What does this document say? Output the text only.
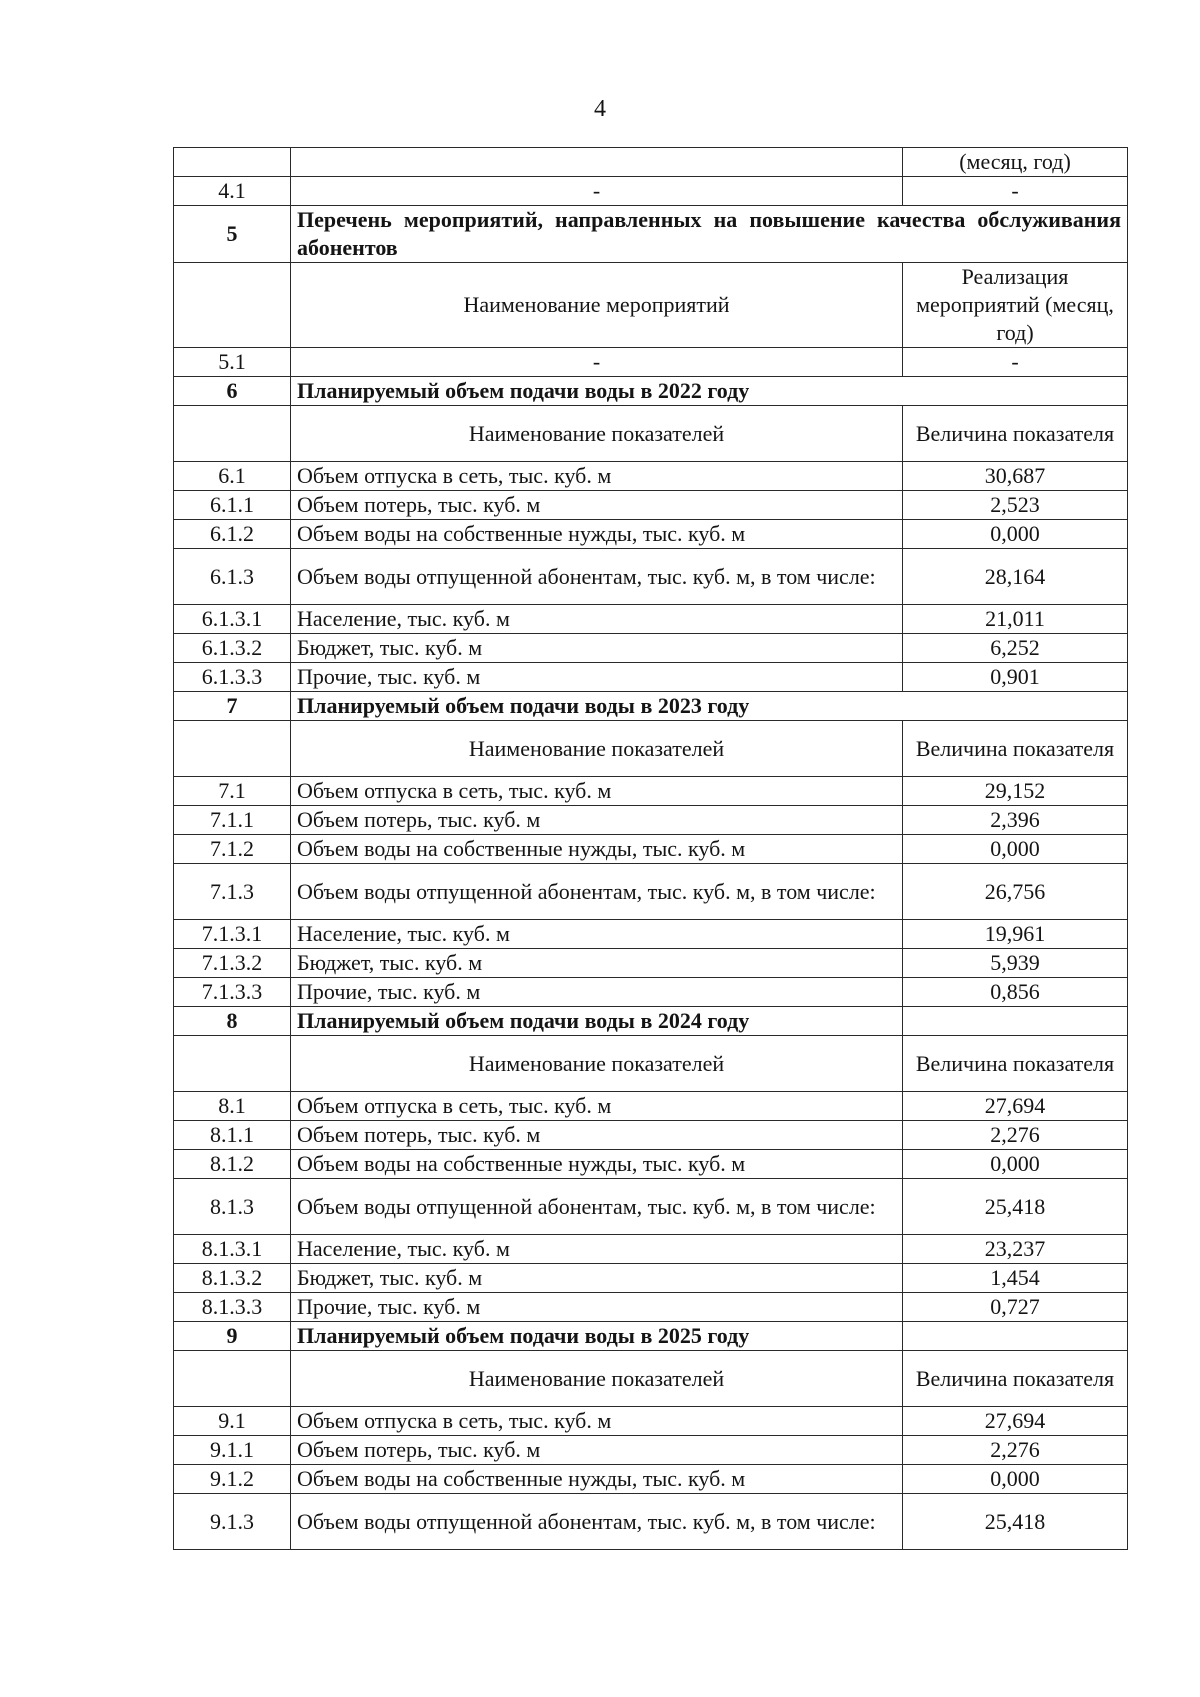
4
		(месяц, год)
4.1	-	-
5	Перечень мероприятий, направленных на повышение качества обслуживания абонентов	
	Наименование мероприятий	Реализация мероприятий (месяц, год)
5.1	-	-
6	Планируемый объем подачи воды в 2022 году	
	Наименование показателей	Величина показателя
6.1	Объем отпуска в сеть, тыс. куб. м	30,687
6.1.1	Объем потерь, тыс. куб. м	2,523
6.1.2	Объем воды на собственные нужды, тыс. куб. м	0,000
6.1.3	Объем воды отпущенной абонентам, тыс. куб. м, в том числе:	28,164
6.1.3.1	Население, тыс. куб. м	21,011
6.1.3.2	Бюджет, тыс. куб. м	6,252
6.1.3.3	Прочие, тыс. куб. м	0,901
7	Планируемый объем подачи воды в 2023 году	
	Наименование показателей	Величина показателя
7.1	Объем отпуска в сеть, тыс. куб. м	29,152
7.1.1	Объем потерь, тыс. куб. м	2,396
7.1.2	Объем воды на собственные нужды, тыс. куб. м	0,000
7.1.3	Объем воды отпущенной абонентам, тыс. куб. м, в том числе:	26,756
7.1.3.1	Население, тыс. куб. м	19,961
7.1.3.2	Бюджет, тыс. куб. м	5,939
7.1.3.3	Прочие, тыс. куб. м	0,856
8	Планируемый объем подачи воды в 2024 году	
	Наименование показателей	Величина показателя
8.1	Объем отпуска в сеть, тыс. куб. м	27,694
8.1.1	Объем потерь, тыс. куб. м	2,276
8.1.2	Объем воды на собственные нужды, тыс. куб. м	0,000
8.1.3	Объем воды отпущенной абонентам, тыс. куб. м, в том числе:	25,418
8.1.3.1	Население, тыс. куб. м	23,237
8.1.3.2	Бюджет, тыс. куб. м	1,454
8.1.3.3	Прочие, тыс. куб. м	0,727
9	Планируемый объем подачи воды в 2025 году	
	Наименование показателей	Величина показателя
9.1	Объем отпуска в сеть, тыс. куб. м	27,694
9.1.1	Объем потерь, тыс. куб. м	2,276
9.1.2	Объем воды на собственные нужды, тыс. куб. м	0,000
9.1.3	Объем воды отпущенной абонентам, тыс. куб. м, в том числе:	25,418
